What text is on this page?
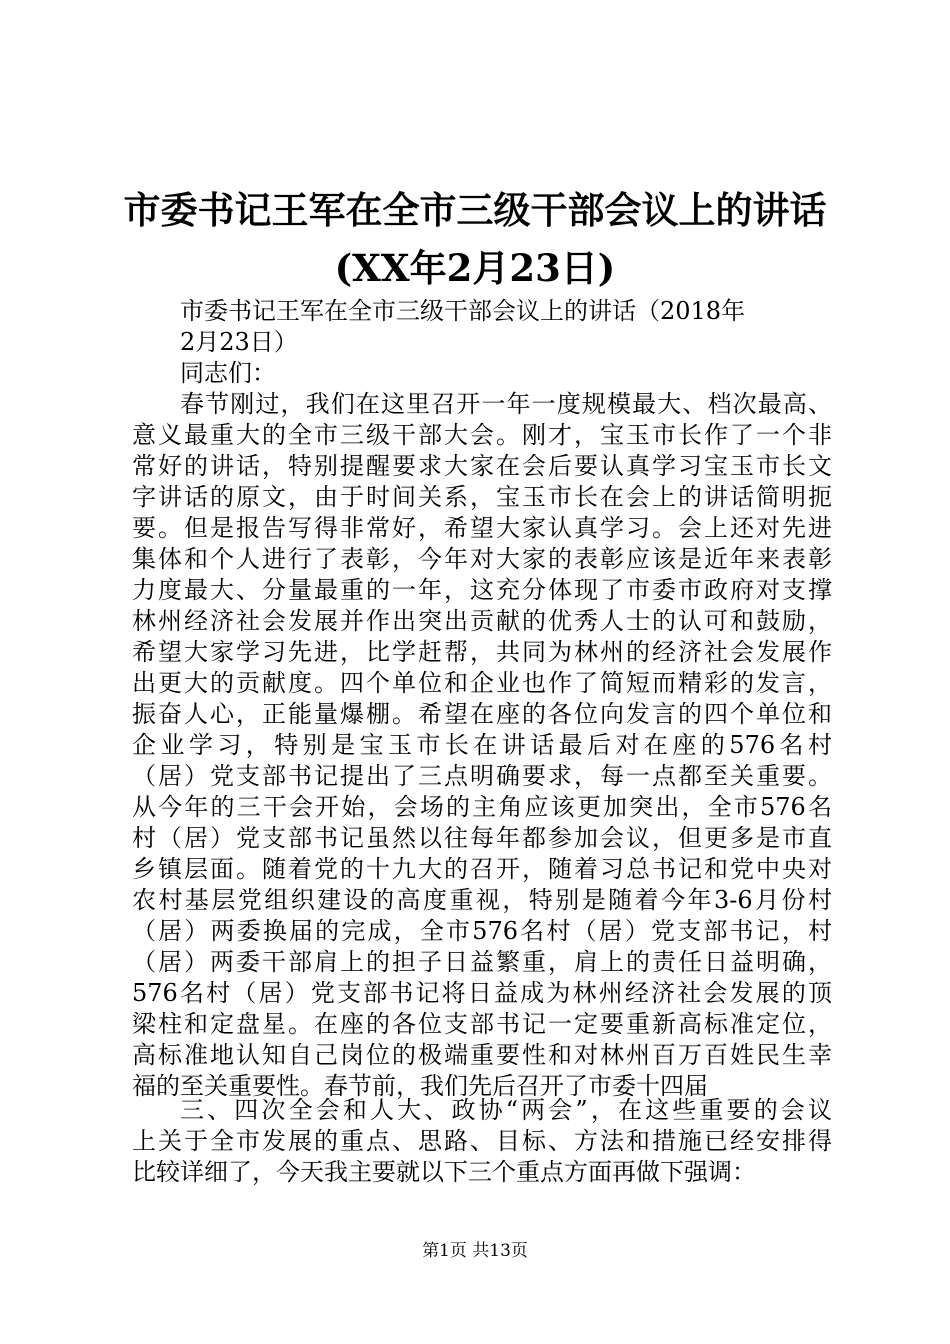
市委书记王军在全市三级干部会议上的讲话
(XX年2月23日)
市委书记王军在全市三级干部会议上的讲话（2018年
2月23日）
同志们：
春节刚过，我们在这里召开一年一度规模最大、档次最高、
意义最重大的全市三级干部大会。刚才，宝玉市长作了一个非
常好的讲话，特别提醒要求大家在会后要认真学习宝玉市长文
字讲话的原文，由于时间关系，宝玉市长在会上的讲话简明扼
要。但是报告写得非常好，希望大家认真学习。会上还对先进
集体和个人进行了表彰，今年对大家的表彰应该是近年来表彰
力度最大、分量最重的一年，这充分体现了市委市政府对支撑
林州经济社会发展并作出突出贡献的优秀人士的认可和鼓励，
希望大家学习先进，比学赶帮，共同为林州的经济社会发展作
出更大的贡献度。四个单位和企业也作了简短而精彩的发言，
振奋人心，正能量爆棚。希望在座的各位向发言的四个单位和
企业学习，特别是宝玉市长在讲话最后对在座的576名村
（居）党支部书记提出了三点明确要求，每一点都至关重要。
从今年的三干会开始，会场的主角应该更加突出，全市576名
村（居）党支部书记虽然以往每年都参加会议，但更多是市直
乡镇层面。随着党的十九大的召开，随着习总书记和党中央对
农村基层党组织建设的高度重视，特别是随着今年3-6月份村
（居）两委换届的完成，全市576名村（居）党支部书记，村
（居）两委干部肩上的担子日益繁重，肩上的责任日益明确，
576名村（居）党支部书记将日益成为林州经济社会发展的顶
梁柱和定盘星。在座的各位支部书记一定要重新高标准定位，
高标准地认知自己岗位的极端重要性和对林州百万百姓民生幸
福的至关重要性。春节前，我们先后召开了市委十四届
三、四次全会和人大、政协“两会”，在这些重要的会议
上关于全市发展的重点、思路、目标、方法和措施已经安排得
比较详细了，今天我主要就以下三个重点方面再做下强调：
第1页 共13页
